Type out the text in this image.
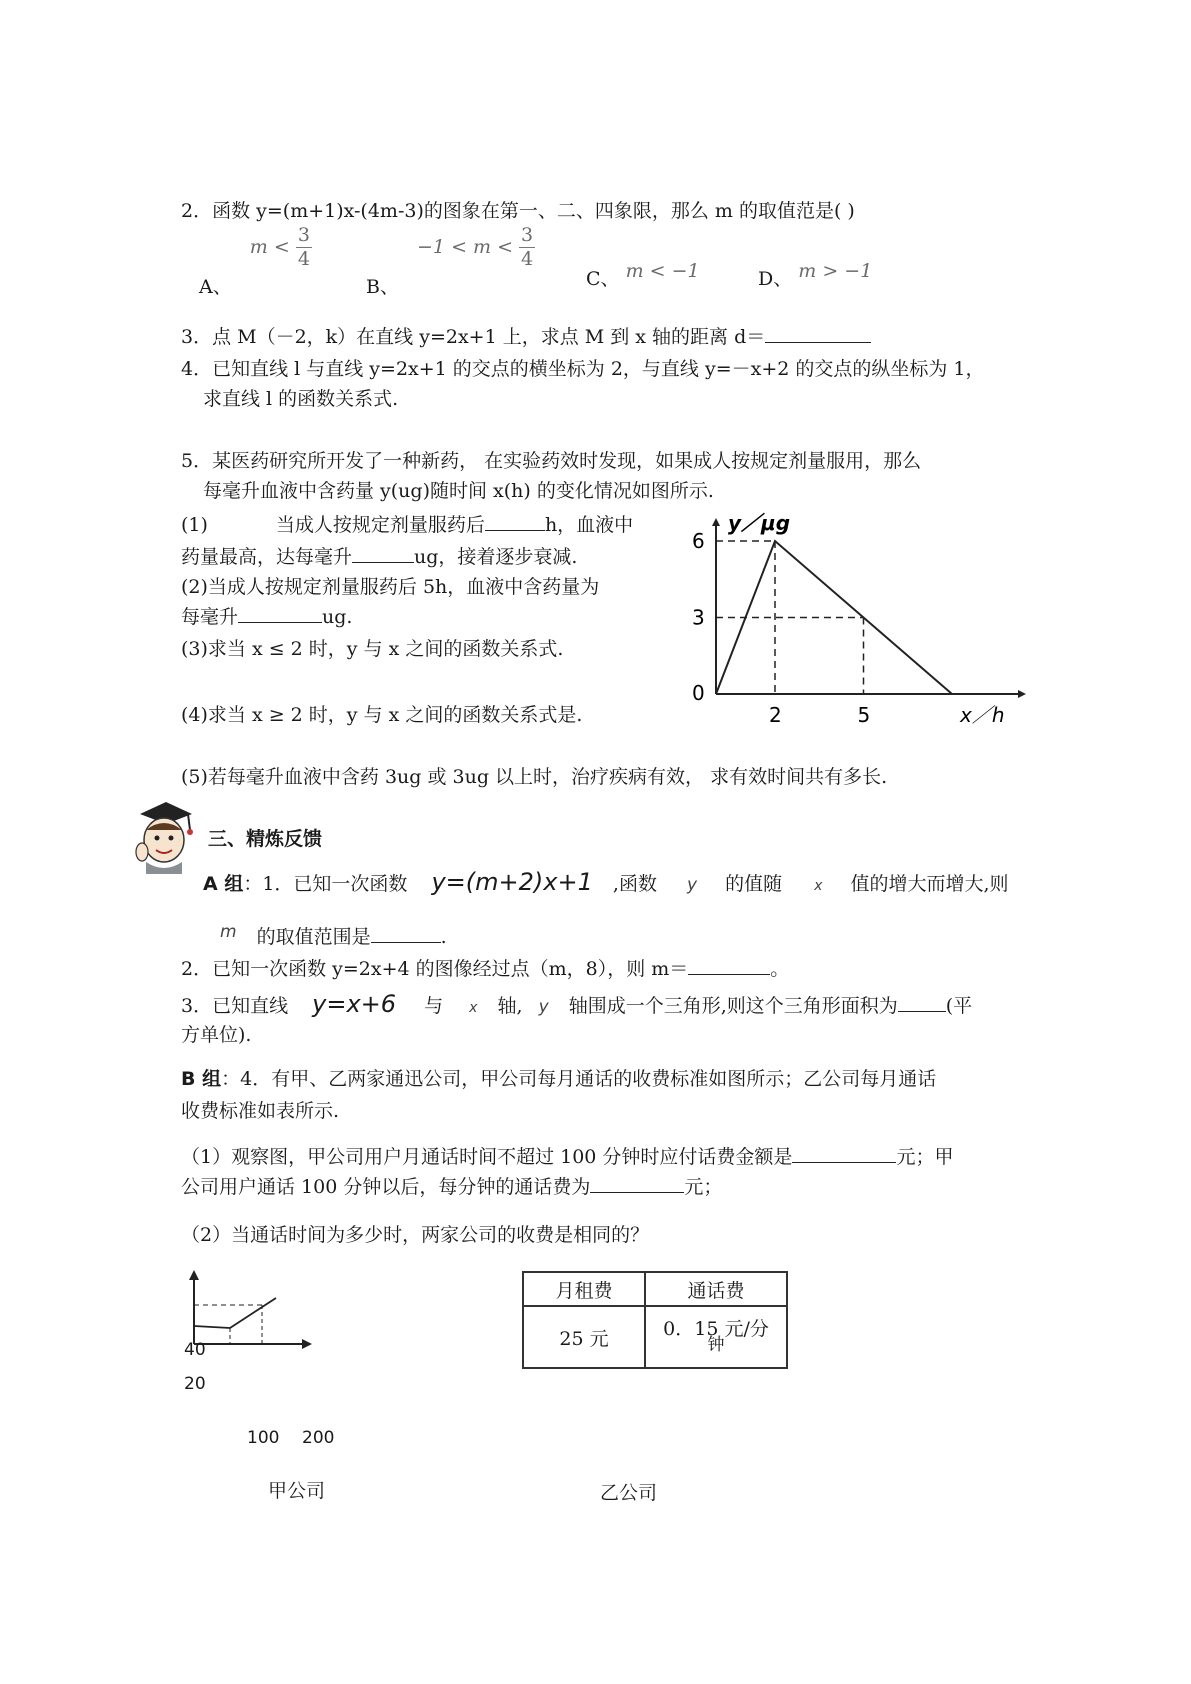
2．函数 y=(m+1)x-(4m-3)的图象在第一、二、四象限，那么 m 的取值范是( )
A、 $m < \frac{3}{4}$
B、 $-1 < m < \frac{3}{4}$
C、 m < −1	D、 m > −1
3．点 M（－2，k）在直线 y=2x+1 上，求点 M 到 x 轴的距离 d＝
4．已知直线 l 与直线 y=2x+1 的交点的横坐标为 2，与直线 y=－x+2 的交点的纵坐标为 1，
求直线 l 的函数关系式.
5．某医药研究所开发了一种新药， 在实验药效时发现，如果成人按规定剂量服用，那么
每毫升血液中含药量 y(ug)随时间 x(h) 的变化情况如图所示.
(1)	当成人按规定剂量服药后	h，血液中
药量最高，达每毫升	ug，接着逐步衰减.
(2)当成人按规定剂量服药后 5h，血液中含药量为
每毫升	ug.
(3)求当 x ≤ 2 时，y 与 x 之间的函数关系式.
(4)求当 x ≥ 2 时，y 与 x 之间的函数关系式是.
(5)若每毫升血液中含药 3ug 或 3ug 以上时，治疗疾病有效， 求有效时间共有多长.
3
6
0
2	5
y／μg
x／h
三、精炼反馈
A 组：1．已知一次函数 y=(m+2)x+1 ,函数 y 的值随 x 值的增大而增大,则
m 的取值范围是	.
2．已知一次函数 y=2x+4 的图像经过点（m，8），则 m＝	。
3．已知直线 y=x+6 与 x 轴, y 轴围成一个三角形,则这个三角形面积为	(平
方单位).
B 组：4．有甲、乙两家通迅公司，甲公司每月通话的收费标准如图所示；乙公司每月通话
收费标准如表所示.
（1）观察图，甲公司用户月通话时间不超过 100 分钟时应付话费金额是	元；甲
公司用户通话 100 分钟以后，每分钟的通话费为	元；
（2）当通话时间为多少时，两家公司的收费是相同的？
40
20
100 200
甲公司
月租费	通话费
25 元	0．15 元/分
钟
乙公司
